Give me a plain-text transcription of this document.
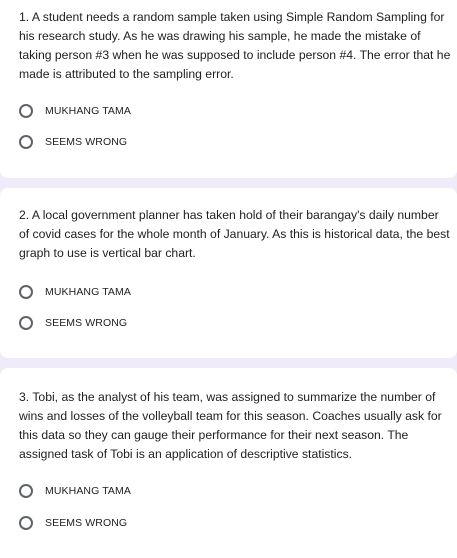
1. A student needs a random sample taken using Simple Random Sampling for his research study. As he was drawing his sample, he made the mistake of taking person #3 when he was supposed to include person #4. The error that he made is attributed to the sampling error.

MUKHANG TAMA
SEEMS WRONG

2. A local government planner has taken hold of their barangay's daily number of covid cases for the whole month of January. As this is historical data, the best graph to use is vertical bar chart.

MUKHANG TAMA
SEEMS WRONG

3. Tobi, as the analyst of his team, was assigned to summarize the number of wins and losses of the volleyball team for this season. Coaches usually ask for this data so they can gauge their performance for their next season. The assigned task of Tobi is an application of descriptive statistics.

MUKHANG TAMA
SEEMS WRONG
